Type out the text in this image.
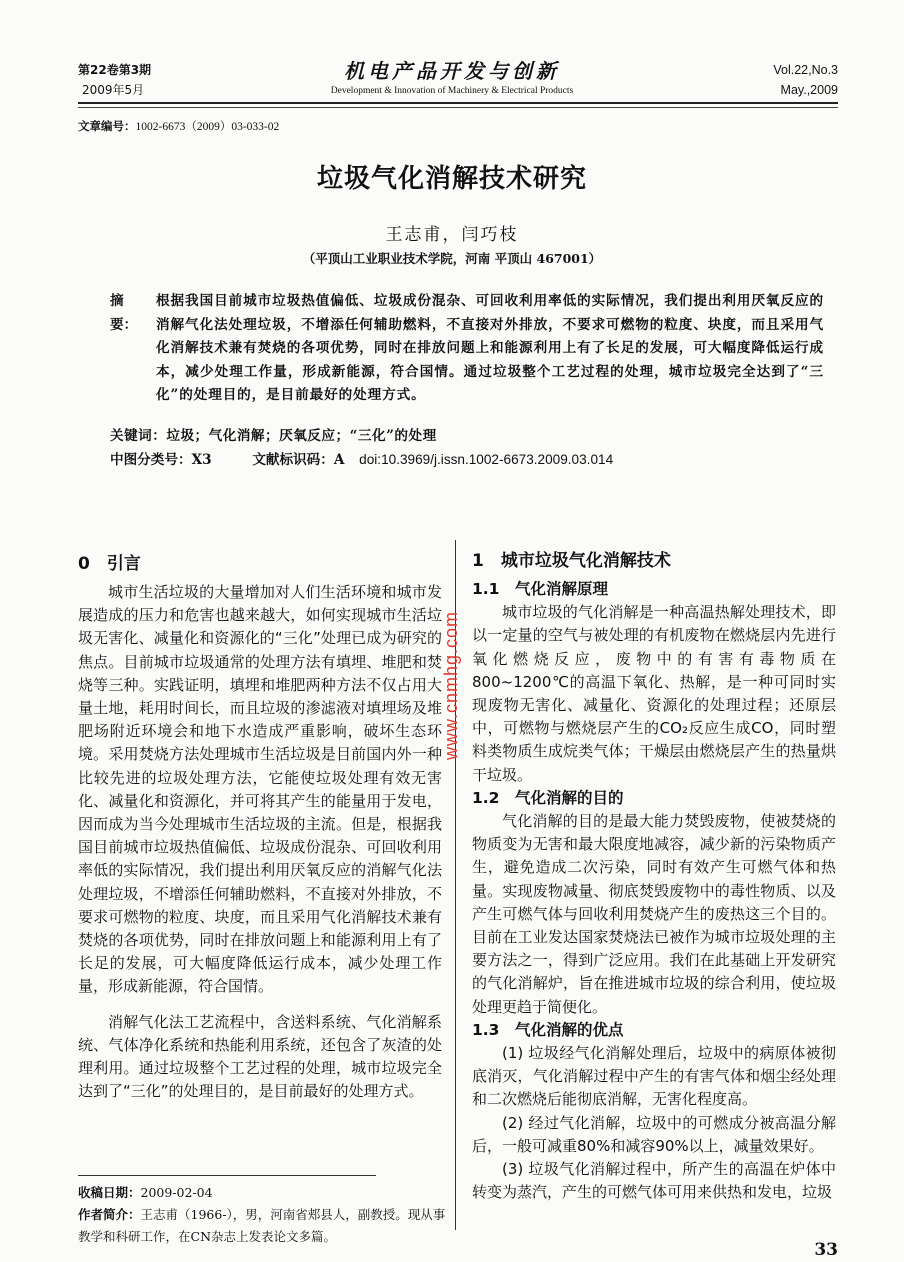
第22卷第3期
2009年5月
机电产品开发与创新
Development & Innovation of Machinery & Electrical Products
Vol.22,No.3
May.,2009
文章编号：1002-6673（2009）03-033-02
垃圾气化消解技术研究
王志甫，闫巧枝
（平顶山工业职业技术学院，河南 平顶山 467001）
摘　要：
根据我国目前城市垃圾热值偏低、垃圾成份混杂、可回收利用率低的实际情况，我们提出利用厌氧反应的消解气化法处理垃圾，不增添任何辅助燃料，不直接对外排放，不要求可燃物的粒度、块度，而且采用气化消解技术兼有焚烧的各项优势，同时在排放问题上和能源利用上有了长足的发展，可大幅度降低运行成本，减少处理工作量，形成新能源，符合国情。通过垃圾整个工艺过程的处理，城市垃圾完全达到了“三化”的处理目的，是目前最好的处理方式。
关键词：垃圾；气化消解；厌氧反应；“三化”的处理
中图分类号：X3	文献标识码：A doi:10.3969/j.issn.1002-6673.2009.03.014
0　引言

城市生活垃圾的大量增加对人们生活环境和城市发展造成的压力和危害也越来越大，如何实现城市生活垃圾无害化、减量化和资源化的“三化”处理已成为研究的焦点。目前城市垃圾通常的处理方法有填埋、堆肥和焚烧等三种。实践证明，填埋和堆肥两种方法不仅占用大量土地，耗用时间长，而且垃圾的渗滤液对填埋场及堆肥场附近环境会和地下水造成严重影响，破坏生态环境。采用焚烧方法处理城市生活垃圾是目前国内外一种比较先进的垃圾处理方法，它能使垃圾处理有效无害化、减量化和资源化，并可将其产生的能量用于发电，因而成为当今处理城市生活垃圾的主流。但是，根据我国目前城市垃圾热值偏低、垃圾成份混杂、可回收利用率低的实际情况，我们提出利用厌氧反应的消解气化法处理垃圾，不增添任何辅助燃料，不直接对外排放，不要求可燃物的粒度、块度，而且采用气化消解技术兼有焚烧的各项优势，同时在排放问题上和能源利用上有了长足的发展，可大幅度降低运行成本，减少处理工作量，形成新能源，符合国情。

消解气化法工艺流程中，含送料系统、气化消解系统、气体净化系统和热能利用系统，还包含了灰渣的处理利用。通过垃圾整个工艺过程的处理，城市垃圾完全达到了“三化”的处理目的，是目前最好的处理方式。

收稿日期：2009-02-04
作者简介：王志甫（1966-），男，河南省郏县人，副教授。现从事教学和科研工作，在CN杂志上发表论文多篇。
1　城市垃圾气化消解技术
1.1　气化消解原理

城市垃圾的气化消解是一种高温热解处理技术，即以一定量的空气与被处理的有机废物在燃烧层内先进行氧化燃烧反应，废物中的有害有毒物质在800~1200℃的高温下氧化、热解，是一种可同时实现废物无害化、减量化、资源化的处理过程；还原层中，可燃物与燃烧层产生的CO₂反应生成CO，同时塑料类物质生成烷类气体；干燥层由燃烧层产生的热量烘干垃圾。

1.2　气化消解的目的

气化消解的目的是最大能力焚毁废物，使被焚烧的物质变为无害和最大限度地减容，减少新的污染物质产生，避免造成二次污染，同时有效产生可燃气体和热量。实现废物减量、彻底焚毁废物中的毒性物质、以及产生可燃气体与回收利用焚烧产生的废热这三个目的。目前在工业发达国家焚烧法已被作为城市垃圾处理的主要方法之一，得到广泛应用。我们在此基础上开发研究的气化消解炉，旨在推进城市垃圾的综合利用，使垃圾处理更趋于简便化。

1.3　气化消解的优点

(1) 垃圾经气化消解处理后，垃圾中的病原体被彻底消灭，气化消解过程中产生的有害气体和烟尘经处理和二次燃烧后能彻底消解，无害化程度高。

(2) 经过气化消解，垃圾中的可燃成分被高温分解后，一般可减重80%和减容90%以上，减量效果好。

(3) 垃圾气化消解过程中，所产生的高温在炉体中转变为蒸汽，产生的可燃气体可用来供热和发电，垃圾

33
www.cnmhg.com
